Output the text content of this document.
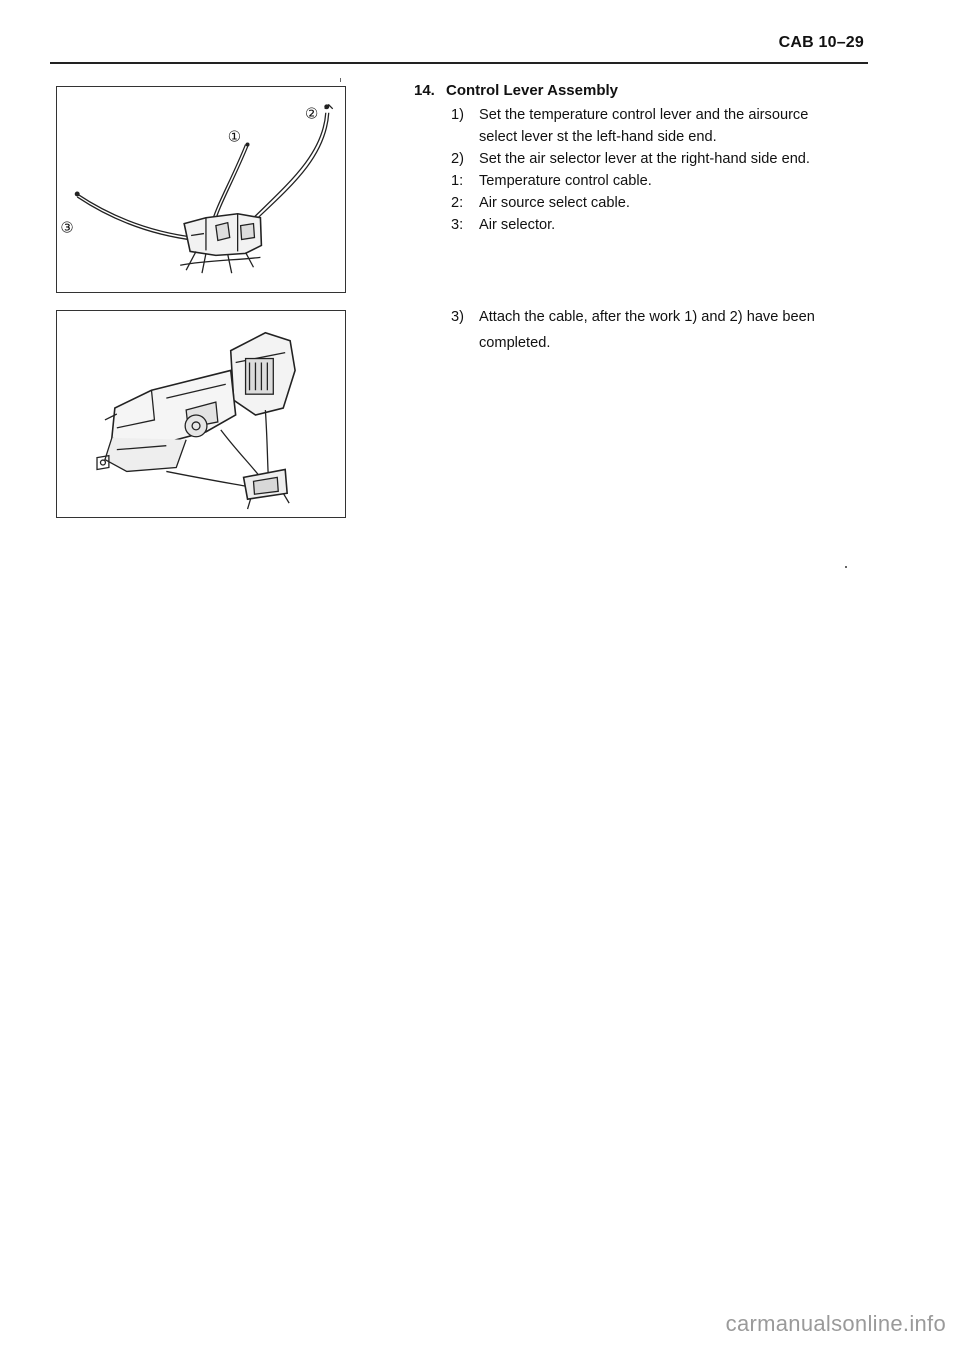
CAB 10–29
①
②
③
14. Control Lever Assembly
1)	Set the temperature control lever and the airsource
select lever st the left-hand side end.
2)	Set the air selector lever at the right-hand side end.
1:	Temperature control cable.
2:	Air source select cable.
3:	Air selector.
3)	Attach the cable, after the work 1) and 2) have been
completed.
carmanualsonline.info
